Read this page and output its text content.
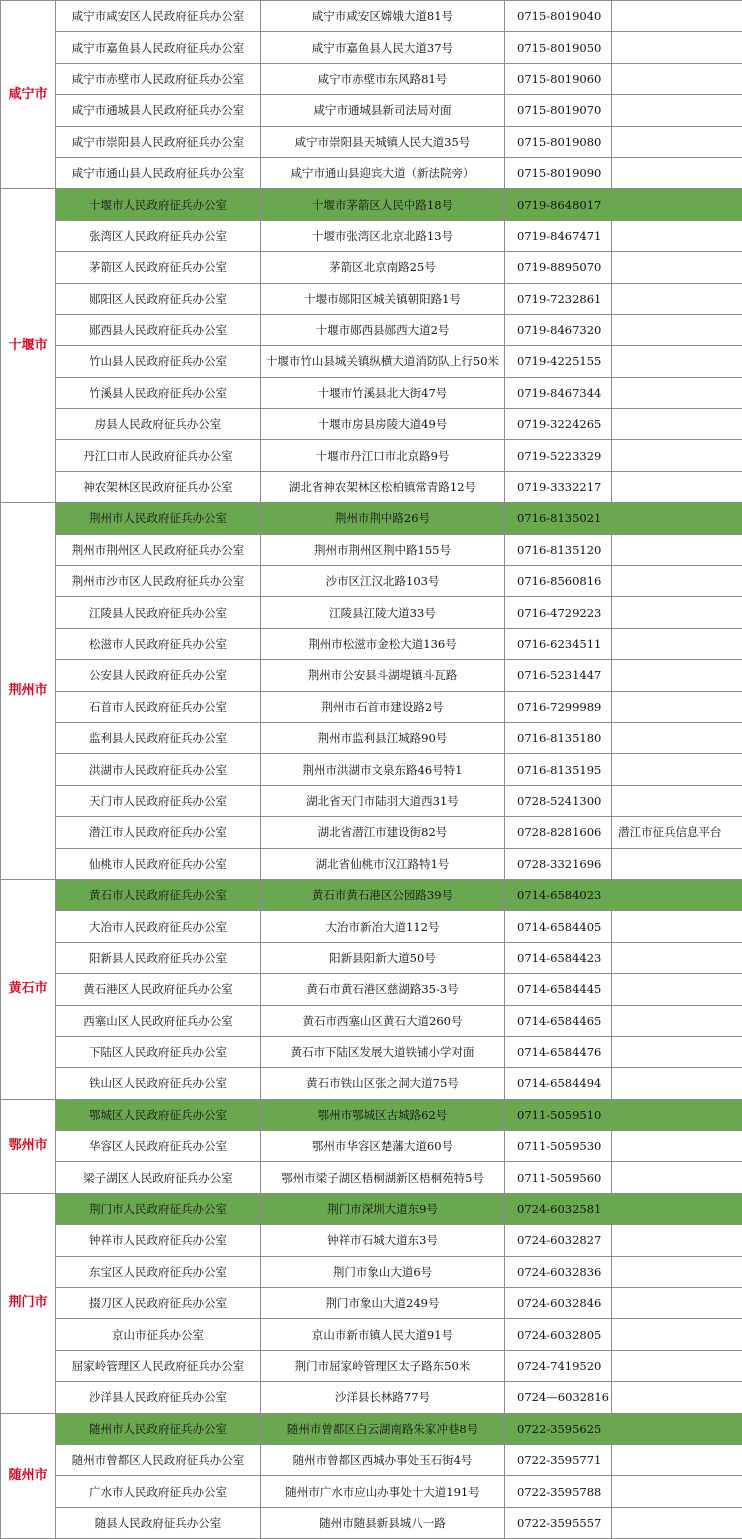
咸宁市	咸宁市咸安区人民政府征兵办公室	咸宁市咸安区嫦娥大道81号	0715-8019040	
	咸宁市嘉鱼县人民政府征兵办公室	咸宁市嘉鱼县人民大道37号	0715-8019050	
	咸宁市赤壁市人民政府征兵办公室	咸宁市赤壁市东风路81号	0715-8019060	
	咸宁市通城县人民政府征兵办公室	咸宁市通城县新司法局对面	0715-8019070	
	咸宁市崇阳县人民政府征兵办公室	咸宁市崇阳县天城镇人民大道35号	0715-8019080	
	咸宁市通山县人民政府征兵办公室	咸宁市通山县迎宾大道（新法院旁）	0715-8019090	
十堰市	十堰市人民政府征兵办公室	十堰市茅箭区人民中路18号	0719-8648017	
	张湾区人民政府征兵办公室	十堰市张湾区北京北路13号	0719-8467471	
	茅箭区人民政府征兵办公室	茅箭区北京南路25号	0719-8895070	
	郧阳区人民政府征兵办公室	十堰市郧阳区城关镇朝阳路1号	0719-7232861	
	郧西县人民政府征兵办公室	十堰市郧西县郧西大道2号	0719-8467320	
	竹山县人民政府征兵办公室	十堰市竹山县城关镇纵横大道消防队上行50米	0719-4225155	
	竹溪县人民政府征兵办公室	十堰市竹溪县北大街47号	0719-8467344	
	房县人民政府征兵办公室	十堰市房县房陵大道49号	0719-3224265	
	丹江口市人民政府征兵办公室	十堰市丹江口市北京路9号	0719-5223329	
	神农架林区民政府征兵办公室	湖北省神农架林区松柏镇常青路12号	0719-3332217	
荆州市	荆州市人民政府征兵办公室	荆州市荆中路26号	0716-8135021	
	荆州市荆州区人民政府征兵办公室	荆州市荆州区荆中路155号	0716-8135120	
	荆州市沙市区人民政府征兵办公室	沙市区江汉北路103号	0716-8560816	
	江陵县人民政府征兵办公室	江陵县江陵大道33号	0716-4729223	
	松滋市人民政府征兵办公室	荆州市松滋市金松大道136号	0716-6234511	
	公安县人民政府征兵办公室	荆州市公安县斗湖堤镇斗瓦路	0716-5231447	
	石首市人民政府征兵办公室	荆州市石首市建设路2号	0716-7299989	
	监利县人民政府征兵办公室	荆州市监利县江城路90号	0716-8135180	
	洪湖市人民政府征兵办公室	荆州市洪湖市文泉东路46号特1	0716-8135195	
	天门市人民政府征兵办公室	湖北省天门市陆羽大道西31号	0728-5241300	
	潜江市人民政府征兵办公室	湖北省潜江市建设街82号	0728-8281606	潜江市征兵信息平台
	仙桃市人民政府征兵办公室	湖北省仙桃市汉江路特1号	0728-3321696	
黄石市	黄石市人民政府征兵办公室	黄石市黄石港区公园路39号	0714-6584023	
	大冶市人民政府征兵办公室	大冶市新冶大道112号	0714-6584405	
	阳新县人民政府征兵办公室	阳新县阳新大道50号	0714-6584423	
	黄石港区人民政府征兵办公室	黄石市黄石港区慈湖路35-3号	0714-6584445	
	西塞山区人民政府征兵办公室	黄石市西塞山区黄石大道260号	0714-6584465	
	下陆区人民政府征兵办公室	黄石市下陆区发展大道铁铺小学对面	0714-6584476	
	铁山区人民政府征兵办公室	黄石市铁山区张之洞大道75号	0714-6584494	
鄂州市	鄂城区人民政府征兵办公室	鄂州市鄂城区古城路62号	0711-5059510	
	华容区人民政府征兵办公室	鄂州市华容区楚藩大道60号	0711-5059530	
	梁子湖区人民政府征兵办公室	鄂州市梁子湖区梧桐湖新区梧桐苑特5号	0711-5059560	
荆门市	荆门市人民政府征兵办公室	荆门市深圳大道东9号	0724-6032581	
	钟祥市人民政府征兵办公室	钟祥市石城大道东3号	0724-6032827	
	东宝区人民政府征兵办公室	荆门市象山大道6号	0724-6032836	
	掇刀区人民政府征兵办公室	荆门市象山大道249号	0724-6032846	
	京山市征兵办公室	京山市新市镇人民大道91号	0724-6032805	
	屈家岭管理区人民政府征兵办公室	荆门市屈家岭管理区太子路东50米	0724-7419520	
	沙洋县人民政府征兵办公室	沙洋县长林路77号	0724—6032816	
随州市	随州市人民政府征兵办公室	随州市曾都区白云湖南路朱家冲巷8号	0722-3595625	
	随州市曾都区人民政府征兵办公室	随州市曾都区西城办事处玉石街4号	0722-3595771	
	广水市人民政府征兵办公室	随州市广水市应山办事处十大道191号	0722-3595788	
	随县人民政府征兵办公室	随州市随县新县城八一路	0722-3595557	
